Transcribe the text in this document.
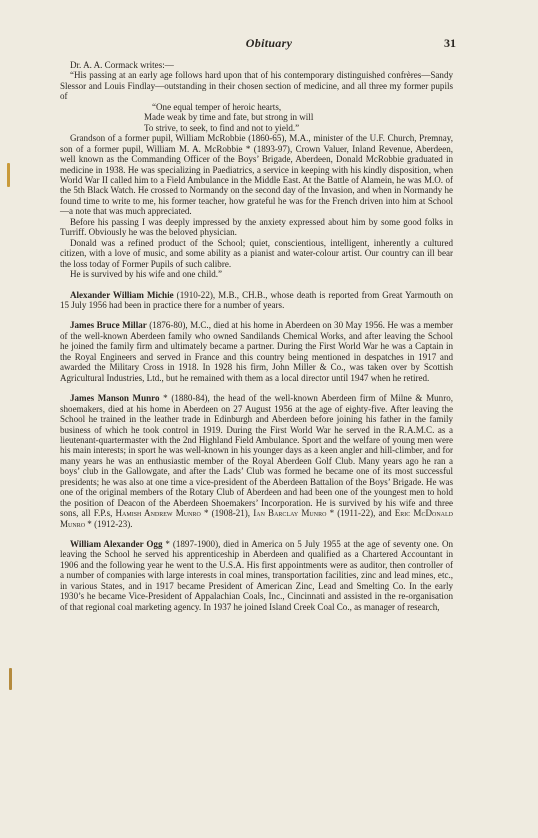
Obituary	31

Dr. A. A. Cormack writes:—

“His passing at an early age follows hard upon that of his contemporary distinguished confrères—Sandy Slessor and Louis Findlay—outstanding in their chosen section of medicine, and all three my former pupils of

“One equal temper of heroic hearts,
Made weak by time and fate, but strong in will
To strive, to seek, to find and not to yield.”

Grandson of a former pupil, William McRobbie (1860-65), M.A., minister of the U.F. Church, Premnay, son of a former pupil, William M. A. McRobbie * (1893-97), Crown Valuer, Inland Revenue, Aberdeen, well known as the Commanding Officer of the Boys’ Brigade, Aberdeen, Donald McRobbie graduated in medicine in 1938. He was specializing in Paediatrics, a service in keeping with his kindly disposition, when World War II called him to a Field Ambulance in the Middle East. At the Battle of Alamein, he was M.O. of the 5th Black Watch. He crossed to Normandy on the second day of the Invasion, and when in Normandy he found time to write to me, his former teacher, how grateful he was for the French driven into him at School—a note that was much appreciated.

Before his passing I was deeply impressed by the anxiety expressed about him by some good folks in Turriff. Obviously he was the beloved physician.

Donald was a refined product of the School; quiet, conscientious, intelligent, inherently a cultured citizen, with a love of music, and some ability as a pianist and water-colour artist. Our country can ill bear the loss today of Former Pupils of such calibre.

He is survived by his wife and one child.”

Alexander William Michie (1910-22), M.B., CH.B., whose death is reported from Great Yarmouth on 15 July 1956 had been in practice there for a number of years.

James Bruce Millar (1876-80), M.C., died at his home in Aberdeen on 30 May 1956. He was a member of the well-known Aberdeen family who owned Sandilands Chemical Works, and after leaving the School he joined the family firm and ultimately became a partner. During the First World War he was a Captain in the Royal Engineers and served in France and this country being mentioned in despatches in 1917 and awarded the Military Cross in 1918. In 1928 his firm, John Miller & Co., was taken over by Scottish Agricultural Industries, Ltd., but he remained with them as a local director until 1947 when he retired.

James Manson Munro * (1880-84), the head of the well-known Aberdeen firm of Milne & Munro, shoemakers, died at his home in Aberdeen on 27 August 1956 at the age of eighty-five. After leaving the School he trained in the leather trade in Edinburgh and Aberdeen before joining his father in the family business of which he took control in 1919. During the First World War he served in the R.A.M.C. as a lieutenant-quartermaster with the 2nd Highland Field Ambulance. Sport and the welfare of young men were his main interests; in sport he was well-known in his younger days as a keen angler and hill-climber, and for many years he was an enthusiastic member of the Royal Aberdeen Golf Club. Many years ago he ran a boys’ club in the Gallowgate, and after the Lads’ Club was formed he became one of its most successful presidents; he was also at one time a vice-president of the Aberdeen Battalion of the Boys’ Brigade. He was one of the original members of the Rotary Club of Aberdeen and had been one of the youngest men to hold the position of Deacon of the Aberdeen Shoemakers’ Incorporation. He is survived by his wife and three sons, all F.P.s, Hamish Andrew Munro * (1908-21), Ian Barclay Munro * (1911-22), and Eric McDonald Munro * (1912-23).

William Alexander Ogg * (1897-1900), died in America on 5 July 1955 at the age of seventy one. On leaving the School he served his apprenticeship in Aberdeen and qualified as a Chartered Accountant in 1906 and the following year he went to the U.S.A. His first appointments were as auditor, then controller of a number of companies with large interests in coal mines, transportation facilities, zinc and lead mines, etc., in various States, and in 1917 became President of American Zinc, Lead and Smelting Co. In the early 1930’s he became Vice-President of Appalachian Coals, Inc., Cincinnati and assisted in the re-organisation of that regional coal marketing agency. In 1937 he joined Island Creek Coal Co., as manager of research,
